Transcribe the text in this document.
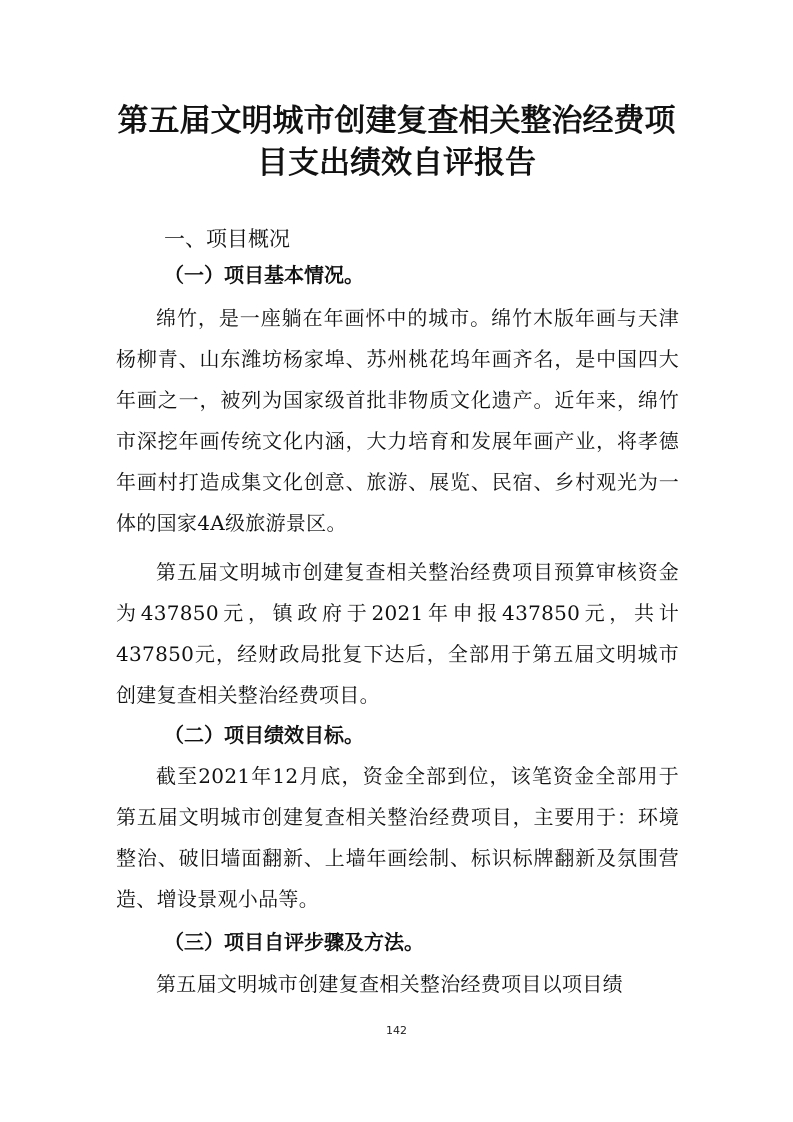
第五届文明城市创建复查相关整治经费项
目支出绩效自评报告
一、项目概况
（一）项目基本情况。

绵竹，是一座躺在年画怀中的城市。绵竹木版年画与天津杨柳青、山东潍坊杨家埠、苏州桃花坞年画齐名，是中国四大年画之一，被列为国家级首批非物质文化遗产。近年来，绵竹市深挖年画传统文化内涵，大力培育和发展年画产业，将孝德年画村打造成集文化创意、旅游、展览、民宿、乡村观光为一体的国家4A级旅游景区。

第五届文明城市创建复查相关整治经费项目预算审核资金为437850元，镇政府于2021年申报437850元，共计437850元，经财政局批复下达后，全部用于第五届文明城市创建复查相关整治经费项目。

（二）项目绩效目标。

截至2021年12月底，资金全部到位，该笔资金全部用于第五届文明城市创建复查相关整治经费项目，主要用于：环境整治、破旧墙面翻新、上墙年画绘制、标识标牌翻新及氛围营造、增设景观小品等。

（三）项目自评步骤及方法。

第五届文明城市创建复查相关整治经费项目以项目绩

142
